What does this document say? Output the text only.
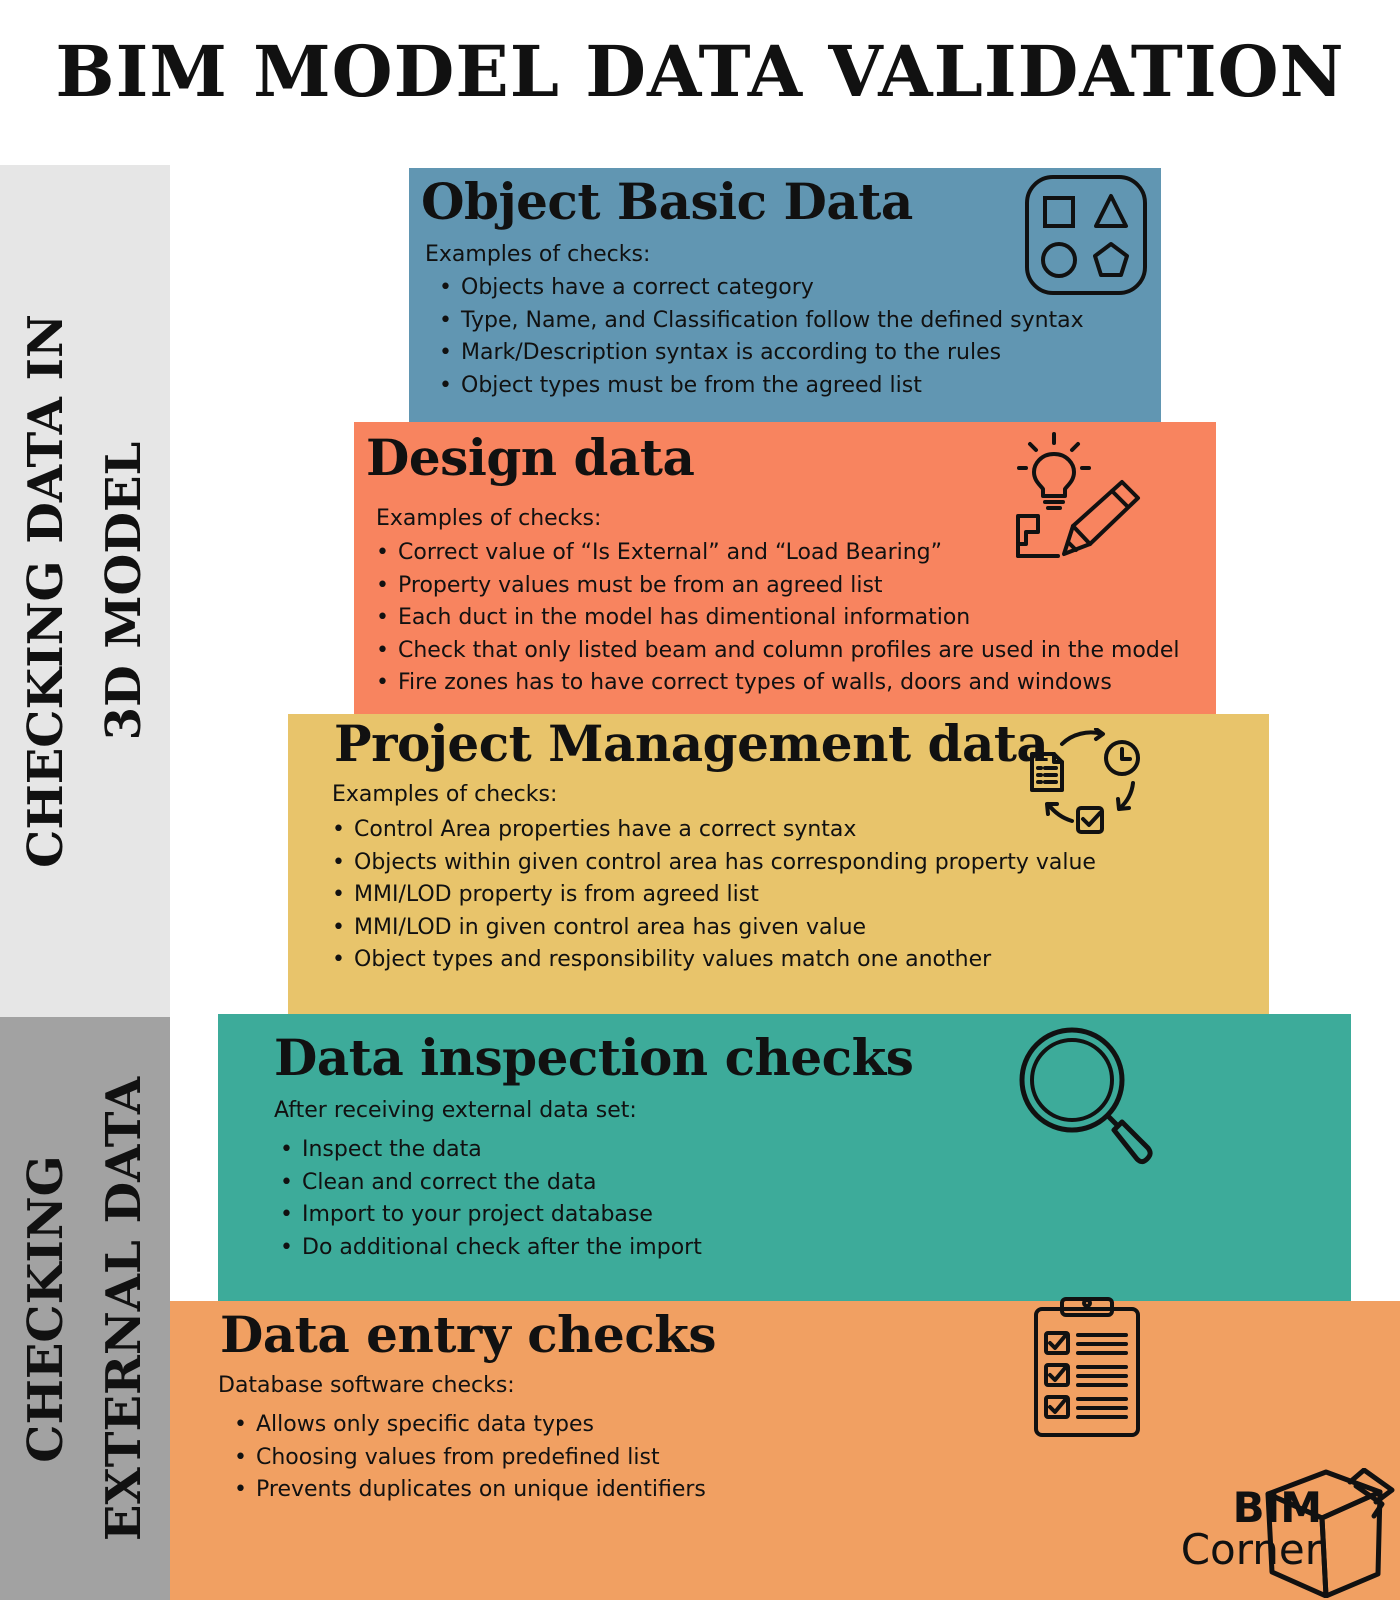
BIM MODEL DATA VALIDATION
CHECKING DATA IN 3D MODEL
CHECKING EXTERNAL DATA
Object Basic Data

Examples of checks:

• Objects have a correct category
• Type, Name, and Classification follow the defined syntax
• Mark/Description syntax is according to the rules
• Object types must be from the agreed list
Design data

Examples of checks:

• Correct value of “Is External” and “Load Bearing”
• Property values must be from an agreed list
• Each duct in the model has dimentional information
• Check that only listed beam and column profiles are used in the model
• Fire zones has to have correct types of walls, doors and windows
Project Management data

Examples of checks:

• Control Area properties have a correct syntax
• Objects within given control area has corresponding property value
• MMI/LOD property is from agreed list
• MMI/LOD in given control area has given value
• Object types and responsibility values match one another
Data inspection checks

After receiving external data set:

• Inspect the data
• Clean and correct the data
• Import to your project database
• Do additional check after the import
Data entry checks

Database software checks:

• Allows only specific data types
• Choosing values from predefined list
• Prevents duplicates on unique identifiers	BIM
Corner
